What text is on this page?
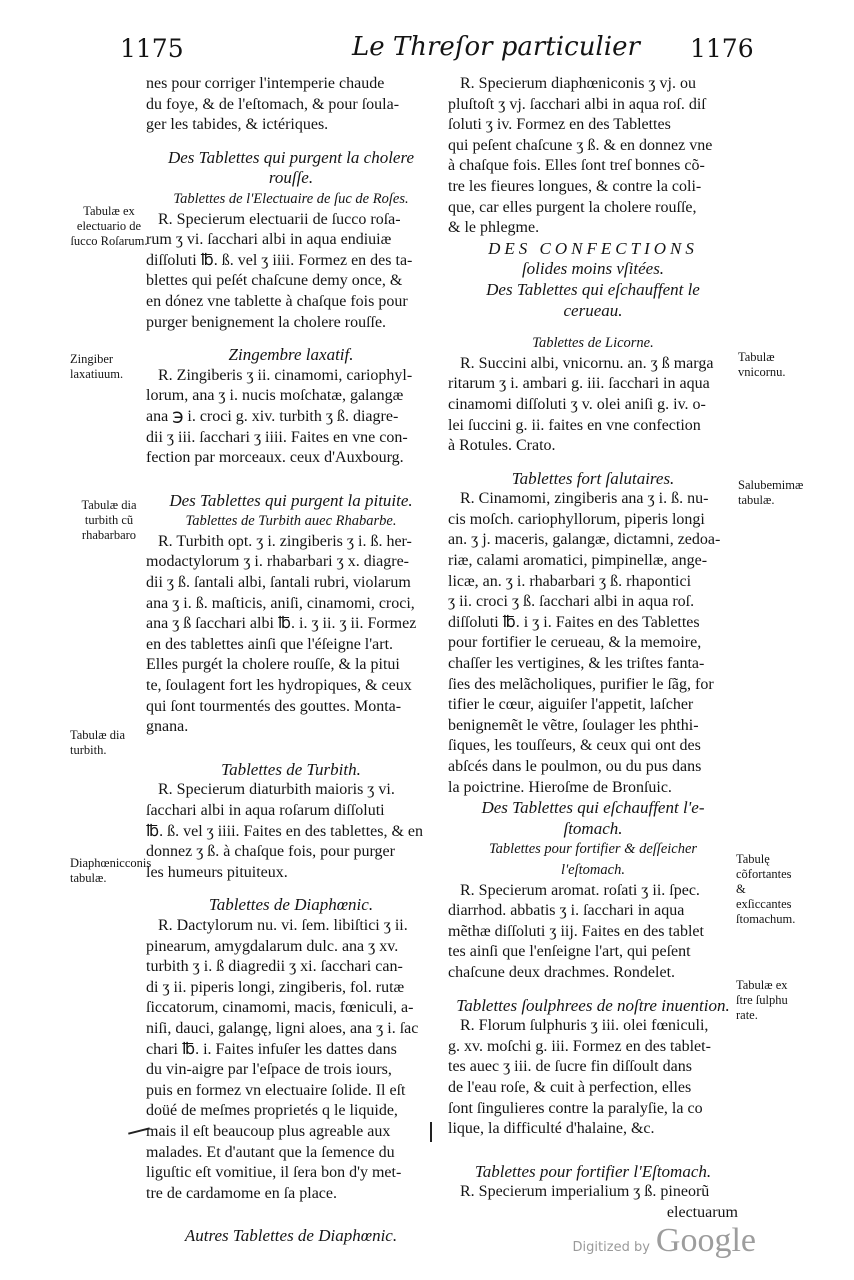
1175	Le Threſor particulier 1176
nes pour corriger l'intemperie chaude
du foye, & de l'eſtomach, & pour ſoula-
ger les tabides, & ictériques.
Des Tablettes qui purgent la cholere
rouſſe.
Tablettes de l'Electuaire de ſuc de Roſes.
R. Specierum electuarii de ſucco roſa-
rum ʒ vi. ſacchari albi in aqua endiuiæ
diſſoluti ℔. ß. vel ʒ iiii. Formez en des ta-
blettes qui peſét chaſcune demy once, &
en dónez vne tablette à chaſque fois pour
purger benignement la cholere rouſſe.
Zingembre laxatif.
R. Zingiberis ʒ ii. cinamomi, cariophyl-
lorum, ana ʒ i. nucis moſchatæ, galangæ
ana ℈ i. croci g. xiv. turbith ʒ ß. diagre-
dii ʒ iii. ſacchari ʒ iiii. Faites en vne con-
fection par morceaux. ceux d'Auxbourg.
Des Tablettes qui purgent la pituite.
Tablettes de Turbith auec Rhabarbe.
R. Turbith opt. ʒ i. zingiberis ʒ i. ß. her-
modactylorum ʒ i. rhabarbari ʒ x. diagre-
dii ʒ ß. ſantali albi, ſantali rubri, violarum
ana ʒ i. ß. maſticis, aniſi, cinamomi, croci,
ana ʒ ß ſacchari albi ℔. i. ʒ ii. ʒ ii. Formez
en des tablettes ainſi que l'éſeigne l'art.
Elles purgét la cholere rouſſe, & la pitui
te, ſoulagent fort les hydropiques, & ceux
qui ſont tourmentés des gouttes. Monta-
gnana.
Tablettes de Turbith.
R. Specierum diaturbith maioris ʒ vi.
ſacchari albi in aqua roſarum diſſoluti
℔. ß. vel ʒ iiii. Faites en des tablettes, & en
donnez ʒ ß. à chaſque fois, pour purger
les humeurs pituiteux.
Tablettes de Diaphœnic.
R. Dactylorum nu. vi. ſem. libiſtici ʒ ii.
pinearum, amygdalarum dulc. ana ʒ xv.
turbith ʒ i. ß diagredii ʒ xi. ſacchari can-
di ʒ ii. piperis longi, zingiberis, fol. rutæ
ſiccatorum, cinamomi, macis, fœniculi, a-
niſi, dauci, galangę, ligni aloes, ana ʒ i. ſac
chari ℔. i. Faites infuſer les dattes dans
du vin-aigre par l'eſpace de trois iours,
puis en formez vn electuaire ſolide. Il eſt
doüé de meſmes proprietés q le liquide,
mais il eſt beaucoup plus agreable aux
malades. Et d'autant que la ſemence du
liguſtic eſt vomitiue, il ſera bon d'y met-
tre de cardamome en ſa place.
Autres Tablettes de Diaphœnic.
R. Specierum diaphœniconis ʒ vj. ou
pluſtoſt ʒ vj. ſacchari albi in aqua roſ. diſ
ſoluti ʒ iv. Formez en des Tablettes
qui peſent chaſcune ʒ ß. & en donnez vne
à chaſque fois. Elles ſont treſ bonnes cõ-
tre les fieures longues, & contre la coli-
que, car elles purgent la cholere rouſſe,
& le phlegme.
DES CONFECTIONS
ſolides moins vſitées.
Des Tablettes qui eſchauffent le
cerueau.
Tablettes de Licorne.
R. Succini albi, vnicornu. an. ʒ ß marga
ritarum ʒ i. ambari g. iii. ſacchari in aqua
cinamomi diſſoluti ʒ v. olei aniſi g. iv. o-
lei ſuccini g. ii. faites en vne confection
à Rotules. Crato.
Tablettes fort ſalutaires.
R. Cinamomi, zingiberis ana ʒ i. ß. nu-
cis moſch. cariophyllorum, piperis longi
an. ʒ j. maceris, galangæ, dictamni, zedoa-
riæ, calami aromatici, pimpinellæ, ange-
licæ, an. ʒ i. rhabarbari ʒ ß. rhapontici
ʒ ii. croci ʒ ß. ſacchari albi in aqua roſ.
diſſoluti ℔. i ʒ i. Faites en des Tablettes
pour fortifier le cerueau, & la memoire,
chaſſer les vertigines, & les triſtes fanta-
ſies des melãcholiques, purifier le ſãg, for
tifier le cœur, aiguiſer l'appetit, laſcher
benignemẽt le vẽtre, ſoulager les phthi-
ſiques, les touſſeurs, & ceux qui ont des
abſcés dans le poulmon, ou du pus dans
la poictrine. Hieroſme de Bronſuic.
Des Tablettes qui eſchauffent l'e-
ſtomach.
Tablettes pour fortifier & deſſeicher
l'eſtomach.
R. Specierum aromat. roſati ʒ ii. ſpec.
diarrhod. abbatis ʒ i. ſacchari in aqua
mẽthæ diſſoluti ʒ iij. Faites en des tablet
tes ainſi que l'enſeigne l'art, qui peſent
chaſcune deux drachmes. Rondelet.
Tablettes ſoulphrees de noſtre inuention.
R. Florum ſulphuris ʒ iii. olei fœniculi,
g. xv. moſchi g. iii. Formez en des tablet-
tes auec ʒ iii. de ſucre fin diſſoult dans
de l'eau roſe, & cuit à perfection, elles
ſont ſingulieres contre la paralyſie, la co
lique, la difficulté d'halaine, &c.
Tablettes pour fortifier l'Eſtomach.
R. Specierum imperialium ʒ ß. pineorũ
electuarum
Tabulæ ex electuario de ſucco Roſarum.
Zingiber laxatiuum.
Tabulæ dia turbith cũ rhabarbaro
Tabulæ dia turbith.
Diaphœnicconis tabulæ.
Tabulæ vnicornu.
Salubemimæ tabulæ.
Tabulę cõfortantes & exſiccantes ſtomachum.
Tabulæ ex ſtre ſulphu rate.
Digitized by Google
